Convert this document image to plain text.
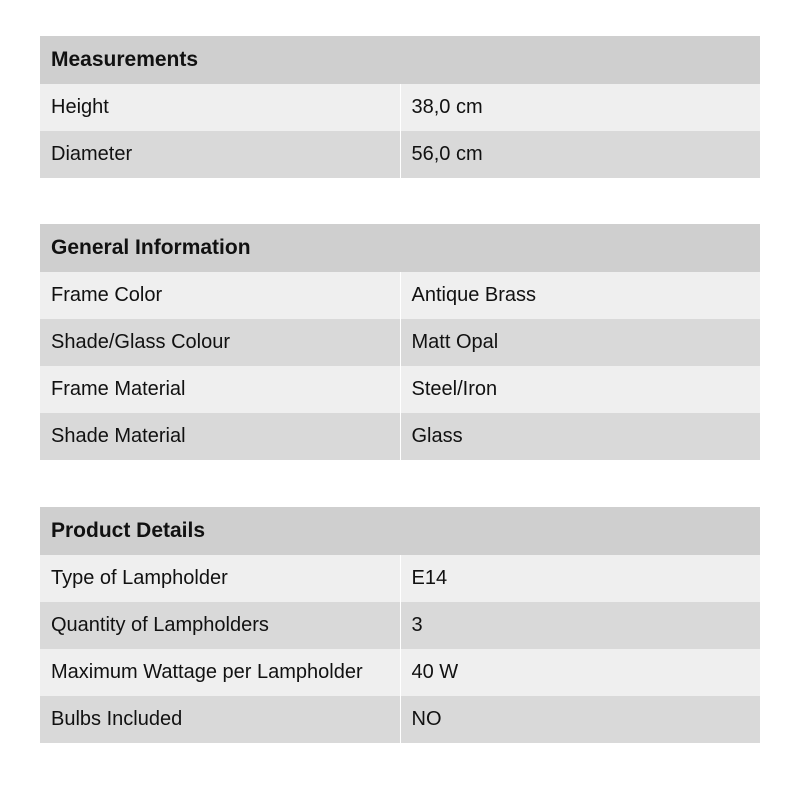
Measurements	
Height	38,0 cm
Diameter	56,0 cm
General Information	
Frame Color	Antique Brass
Shade/Glass Colour	Matt Opal
Frame Material	Steel/Iron
Shade Material	Glass
Product Details	
Type of Lampholder	E14
Quantity of Lampholders	3
Maximum Wattage per Lampholder	40 W
Bulbs Included	NO
